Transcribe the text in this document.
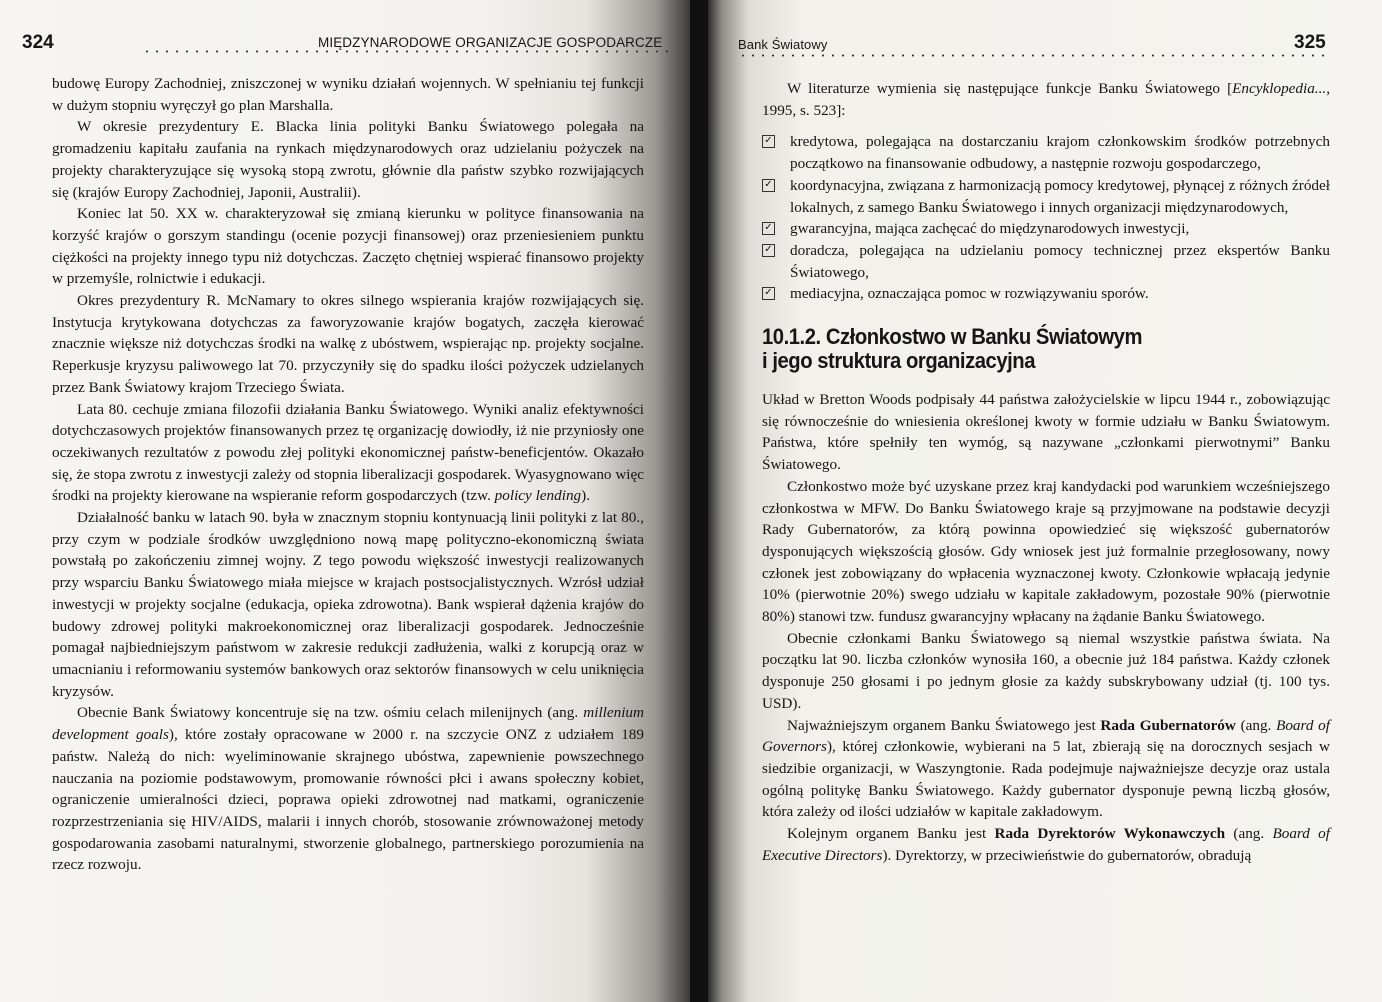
324	MIĘDZYNARODOWE ORGANIZACJE GOSPODARCZE

budowę Europy Zachodniej, zniszczonej w wyniku działań wojennych. W spełnianiu tej funkcji w dużym stopniu wyręczył go plan Marshalla.

W okresie prezydentury E. Blacka linia polityki Banku Światowego polegała na gromadzeniu kapitału zaufania na rynkach międzynarodowych oraz udzielaniu pożyczek na projekty charakteryzujące się wysoką stopą zwrotu, głównie dla państw szybko rozwijających się (krajów Europy Zachodniej, Japonii, Australii).

Koniec lat 50. XX w. charakteryzował się zmianą kierunku w polityce finansowania na korzyść krajów o gorszym standingu (ocenie pozycji finansowej) oraz przeniesieniem punktu ciężkości na projekty innego typu niż dotychczas. Zaczęto chętniej wspierać finansowo projekty w przemyśle, rolnictwie i edukacji.

Okres prezydentury R. McNamary to okres silnego wspierania krajów rozwijających się. Instytucja krytykowana dotychczas za faworyzowanie krajów bogatych, zaczęła kierować znacznie większe niż dotychczas środki na walkę z ubóstwem, wspierając np. projekty socjalne. Reperkusje kryzysu paliwowego lat 70. przyczyniły się do spadku ilości pożyczek udzielanych przez Bank Światowy krajom Trzeciego Świata.

Lata 80. cechuje zmiana filozofii działania Banku Światowego. Wyniki analiz efektywności dotychczasowych projektów finansowanych przez tę organizację dowiodły, iż nie przyniosły one oczekiwanych rezultatów z powodu złej polityki ekonomicznej państw-beneficjentów. Okazało się, że stopa zwrotu z inwestycji zależy od stopnia liberalizacji gospodarek. Wyasygnowano więc środki na projekty kierowane na wspieranie reform gospodarczych (tzw. policy lending).

Działalność banku w latach 90. była w znacznym stopniu kontynuacją linii polityki z lat 80., przy czym w podziale środków uwzględniono nową mapę polityczno-ekonomiczną świata powstałą po zakończeniu zimnej wojny. Z tego powodu większość inwestycji realizowanych przy wsparciu Banku Światowego miała miejsce w krajach postsocjalistycznych. Wzrósł udział inwestycji w projekty socjalne (edukacja, opieka zdrowotna). Bank wspierał dążenia krajów do budowy zdrowej polityki makroekonomicznej oraz liberalizacji gospodarek. Jednocześnie pomagał najbiedniejszym państwom w zakresie redukcji zadłużenia, walki z korupcją oraz w umacnianiu i reformowaniu systemów bankowych oraz sektorów finansowych w celu uniknięcia kryzysów.

Obecnie Bank Światowy koncentruje się na tzw. ośmiu celach milenijnych (ang. millenium development goals), które zostały opracowane w 2000 r. na szczycie ONZ z udziałem 189 państw. Należą do nich: wyeliminowanie skrajnego ubóstwa, zapewnienie powszechnego nauczania na poziomie podstawowym, promowanie równości płci i awans społeczny kobiet, ograniczenie umieralności dzieci, poprawa opieki zdrowotnej nad matkami, ograniczenie rozprzestrzeniania się HIV/AIDS, malarii i innych chorób, stosowanie zrównoważonej metody gospodarowania zasobami naturalnymi, stworzenie globalnego, partnerskiego porozumienia na rzecz rozwoju.

Bank Światowy	325

W literaturze wymienia się następujące funkcje Banku Światowego [Encyklopedia..., 1995, s. 523]:

✓ kredytowa, polegająca na dostarczaniu krajom członkowskim środków potrzebnych początkowo na finansowanie odbudowy, a następnie rozwoju gospodarczego,
✓ koordynacyjna, związana z harmonizacją pomocy kredytowej, płynącej z różnych źródeł lokalnych, z samego Banku Światowego i innych organizacji międzynarodowych,
✓ gwarancyjna, mająca zachęcać do międzynarodowych inwestycji,
✓ doradcza, polegająca na udzielaniu pomocy technicznej przez ekspertów Banku Światowego,
✓ mediacyjna, oznaczająca pomoc w rozwiązywaniu sporów.
10.1.2. Członkostwo w Banku Światowym
i jego struktura organizacyjna

Układ w Bretton Woods podpisały 44 państwa założycielskie w lipcu 1944 r., zobowiązując się równocześnie do wniesienia określonej kwoty w formie udziału w Banku Światowym. Państwa, które spełniły ten wymóg, są nazywane „członkami pierwotnymi” Banku Światowego.

Członkostwo może być uzyskane przez kraj kandydacki pod warunkiem wcześniejszego członkostwa w MFW. Do Banku Światowego kraje są przyjmowane na podstawie decyzji Rady Gubernatorów, za którą powinna opowiedzieć się większość gubernatorów dysponujących większością głosów. Gdy wniosek jest już formalnie przegłosowany, nowy członek jest zobowiązany do wpłacenia wyznaczonej kwoty. Członkowie wpłacają jedynie 10% (pierwotnie 20%) swego udziału w kapitale zakładowym, pozostałe 90% (pierwotnie 80%) stanowi tzw. fundusz gwarancyjny wpłacany na żądanie Banku Światowego.

Obecnie członkami Banku Światowego są niemal wszystkie państwa świata. Na początku lat 90. liczba członków wynosiła 160, a obecnie już 184 państwa. Każdy członek dysponuje 250 głosami i po jednym głosie za każdy subskrybowany udział (tj. 100 tys. USD).

Najważniejszym organem Banku Światowego jest Rada Gubernatorów (ang. Board of Governors), której członkowie, wybierani na 5 lat, zbierają się na dorocznych sesjach w siedzibie organizacji, w Waszyngtonie. Rada podejmuje najważniejsze decyzje oraz ustala ogólną politykę Banku Światowego. Każdy gubernator dysponuje pewną liczbą głosów, która zależy od ilości udziałów w kapitale zakładowym.

Kolejnym organem Banku jest Rada Dyrektorów Wykonawczych (ang. Board of Executive Directors). Dyrektorzy, w przeciwieństwie do gubernatorów, obradują
